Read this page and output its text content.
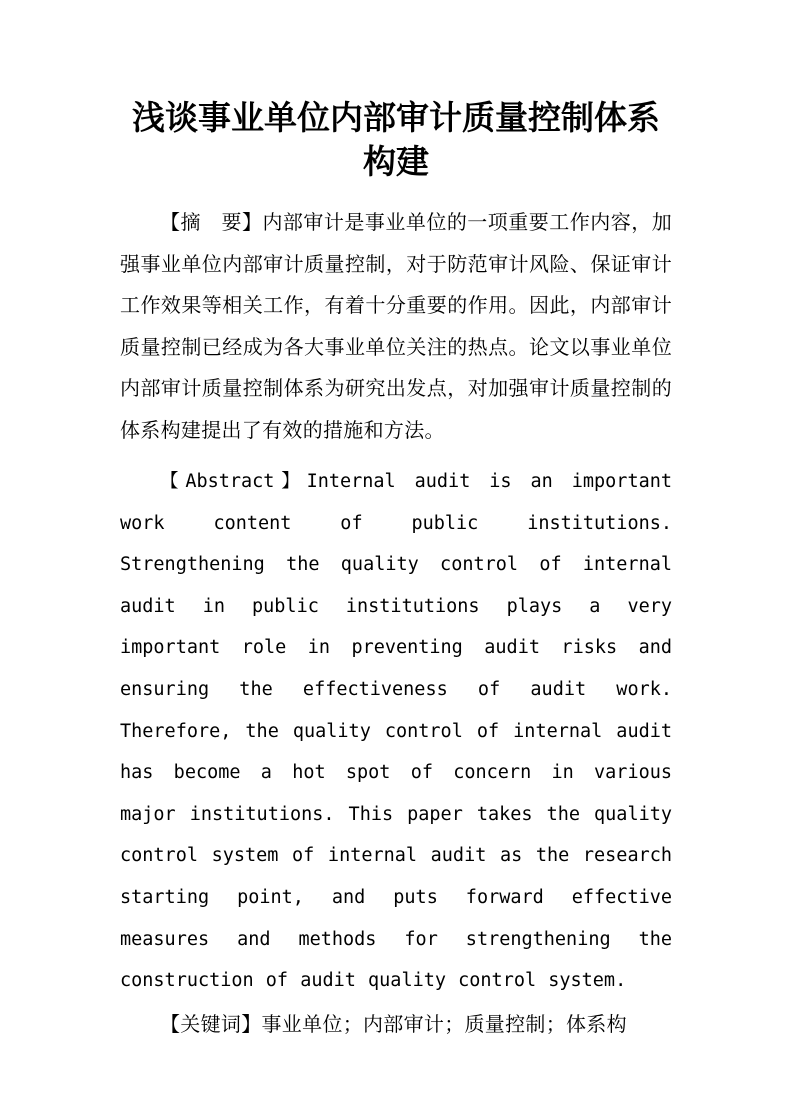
浅谈事业单位内部审计质量控制体系构建

【摘　要】内部审计是事业单位的一项重要工作内容，加强事业单位内部审计质量控制，对于防范审计风险、保证审计工作效果等相关工作，有着十分重要的作用。因此，内部审计质量控制已经成为各大事业单位关注的热点。论文以事业单位内部审计质量控制体系为研究出发点，对加强审计质量控制的体系构建提出了有效的措施和方法。

【Abstract】Internal audit is an important work content of public institutions. Strengthening the quality control of internal audit in public institutions plays a very important role in preventing audit risks and ensuring the effectiveness of audit work. Therefore, the quality control of internal audit has become a hot spot of concern in various major institutions. This paper takes the quality control system of internal audit as the research starting point, and puts forward effective measures and methods for strengthening the construction of audit quality control system.

【关键词】事业单位；内部审计；质量控制；体系构
